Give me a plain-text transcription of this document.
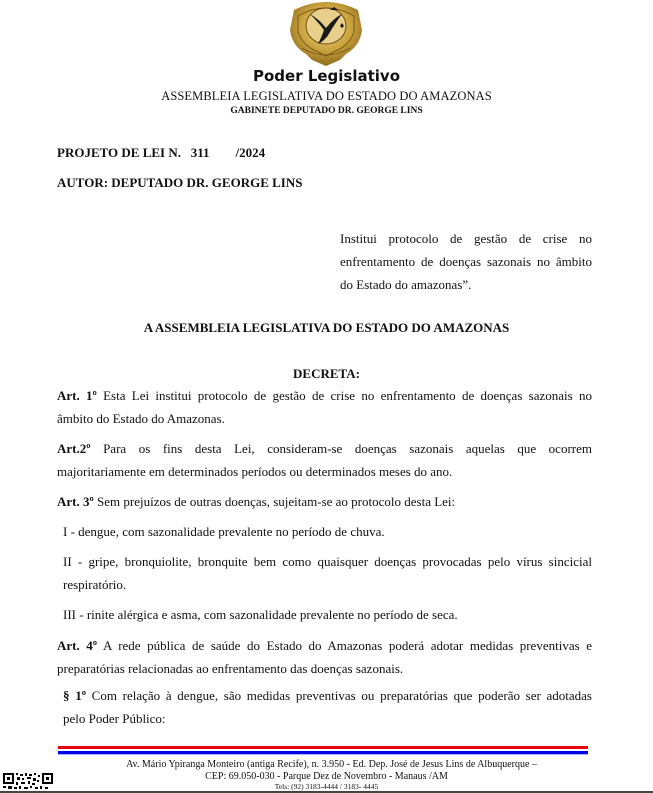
Poder Legislativo
ASSEMBLEIA LEGISLATIVA DO ESTADO DO AMAZONAS
GABINETE DEPUTADO DR. GEORGE LINS
PROJETO DE LEI N.   311        /2024
AUTOR: DEPUTADO DR. GEORGE LINS
Institui protocolo de gestão de crise no
enfrentamento de doenças sazonais no âmbito
do Estado do amazonas”.
A ASSEMBLEIA LEGISLATIVA DO ESTADO DO AMAZONAS
DECRETA:
Art. 1º Esta Lei institui protocolo de gestão de crise no enfrentamento de doenças sazonais no
âmbito do Estado do Amazonas.
Art.2º Para os fins desta Lei, consideram-se doenças sazonais aquelas que ocorrem
majoritariamente em determinados períodos ou determinados meses do ano.
Art. 3º Sem prejuízos de outras doenças, sujeitam-se ao protocolo desta Lei:
I - dengue, com sazonalidade prevalente no período de chuva.
II - gripe, bronquiolite, bronquite bem como quaisquer doenças provocadas pelo vírus sincicial
respiratório.
III - rinite alérgica e asma, com sazonalidade prevalente no período de seca.
Art. 4º A rede pública de saúde do Estado do Amazonas poderá adotar medidas preventivas e
preparatórias relacionadas ao enfrentamento das doenças sazonais.
§ 1º Com relação à dengue, são medidas preventivas ou preparatórias que poderão ser adotadas
pelo Poder Público:
Av. Mário Ypiranga Monteiro (antiga Recife), n. 3.950 - Ed. Dep. José de Jesus Lins de Albuquerque –
CEP: 69.050-030 - Parque Dez de Novembro - Manaus /AM
Tels: (92) 3183-4444 / 3183- 4445
